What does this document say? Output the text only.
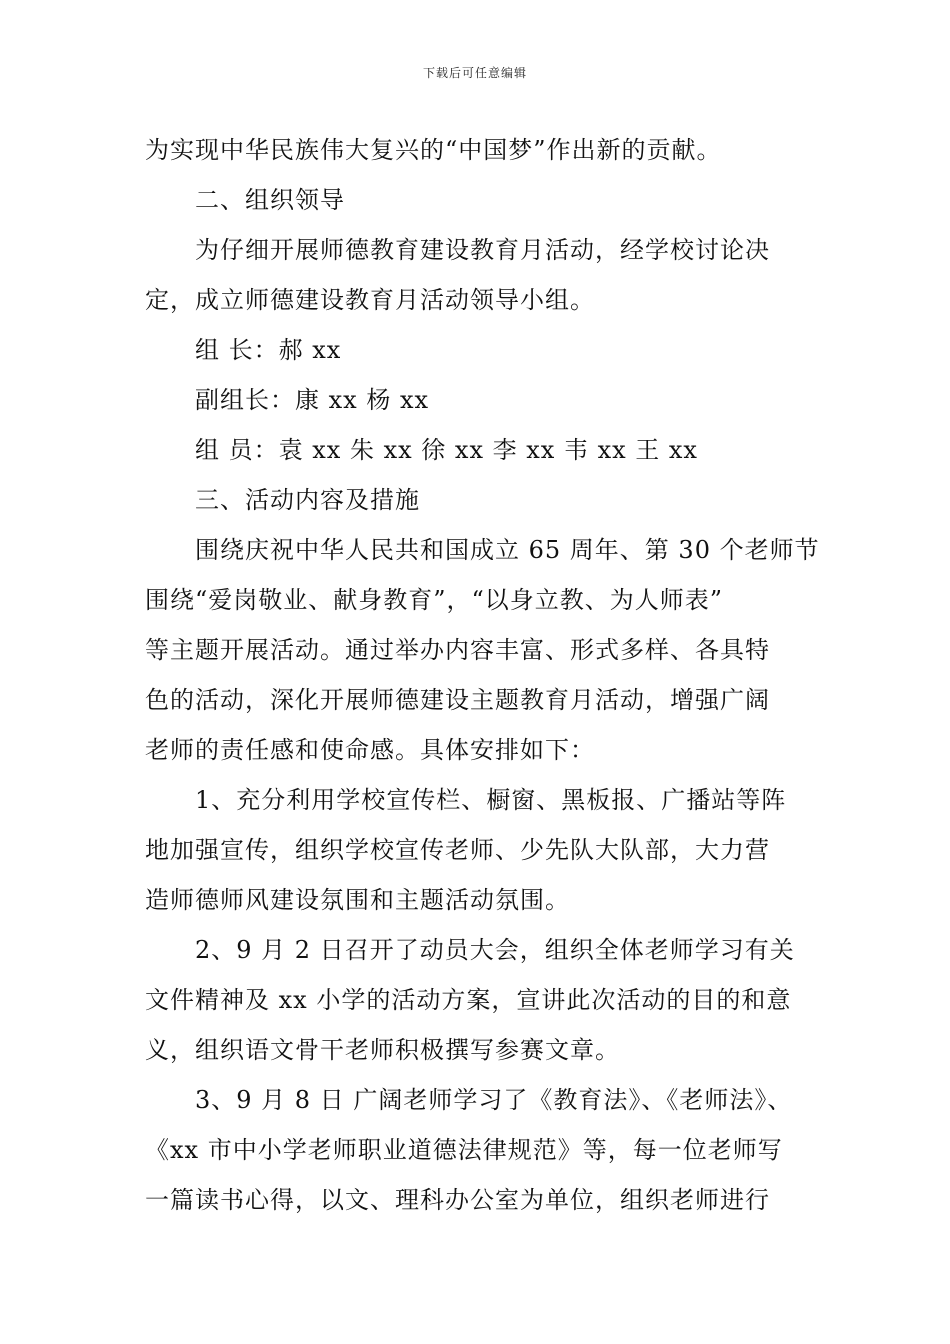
下载后可任意编辑

为实现中华民族伟大复兴的“中国梦”作出新的贡献。

二、组织领导

为仔细开展师德教育建设教育月活动，经学校讨论决

定，成立师德建设教育月活动领导小组。

组 长：郝 xx

副组长：康 xx 杨 xx

组 员：袁 xx 朱 xx 徐 xx 李 xx 韦 xx 王 xx

三、活动内容及措施

围绕庆祝中华人民共和国成立 65 周年、第 30 个老师节

围绕“爱岗敬业、献身教育”，“以身立教、为人师表”

等主题开展活动。通过举办内容丰富、形式多样、各具特

色的活动，深化开展师德建设主题教育月活动，增强广阔

老师的责任感和使命感。具体安排如下：

1、充分利用学校宣传栏、橱窗、黑板报、广播站等阵

地加强宣传，组织学校宣传老师、少先队大队部，大力营

造师德师风建设氛围和主题活动氛围。

2、9 月 2 日召开了动员大会，组织全体老师学习有关

文件精神及 xx 小学的活动方案，宣讲此次活动的目的和意

义，组织语文骨干老师积极撰写参赛文章。

3、9 月 8 日 广阔老师学习了《教育法》、《老师法》、

《xx 市中小学老师职业道德法律规范》等，每一位老师写

一篇读书心得，以文、理科办公室为单位，组织老师进行
